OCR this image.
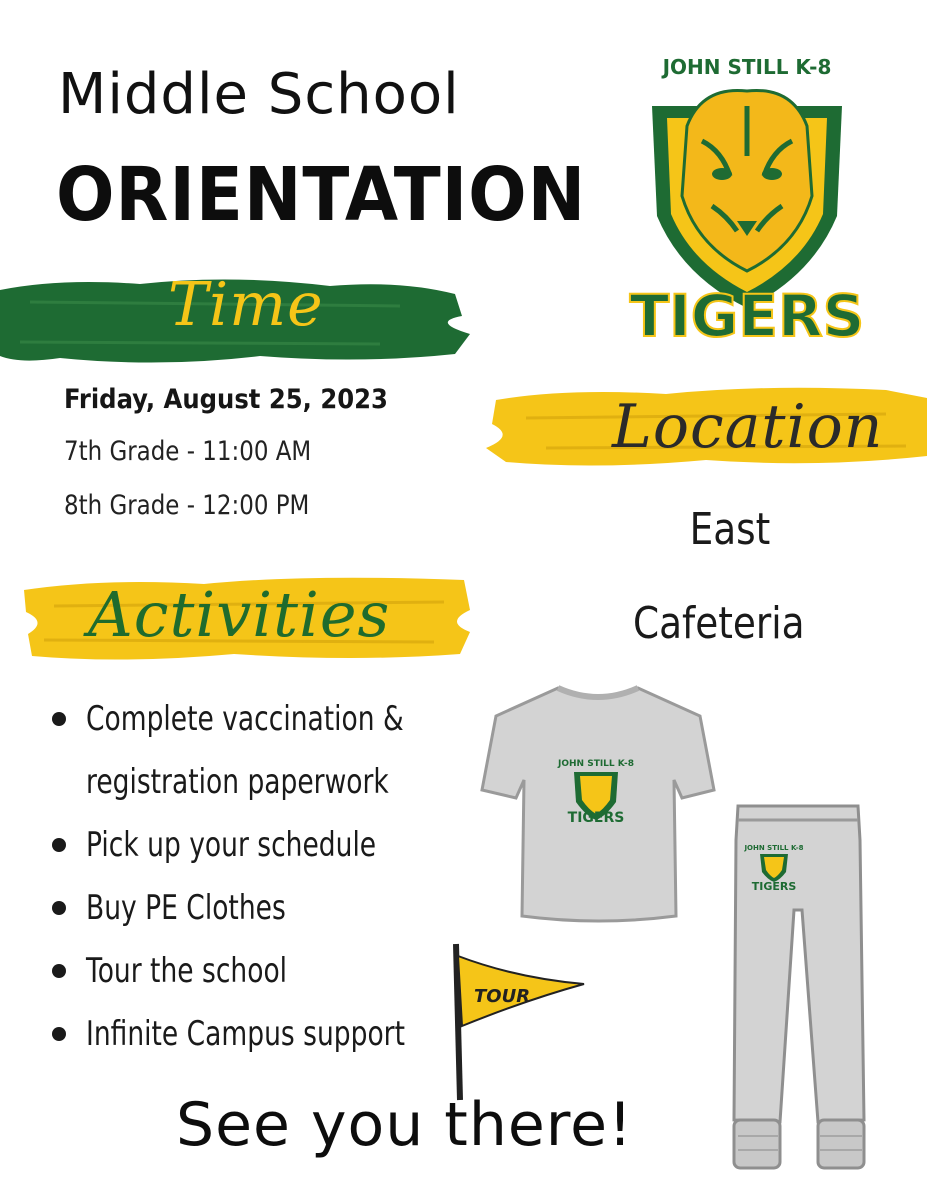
Middle School
ORIENTATION
JOHN STILL K-8
TIGERS
Time
Friday, August 25, 2023
7th Grade - 11:00 AM
8th Grade - 12:00 PM
Location
East
Cafeteria
Activities
Complete vaccination &
registration paperwork
Pick up your schedule
Buy PE Clothes
Tour the school
Infinite Campus support
JOHN STILL K-8
TIGERS
JOHN STILL K-8
TIGERS
TOUR
See you there!
